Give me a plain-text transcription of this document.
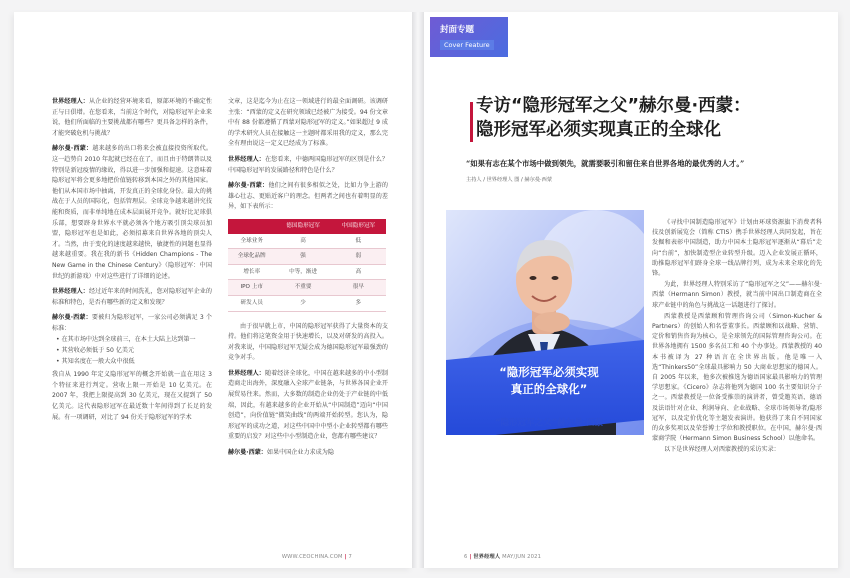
世界经理人：从企业的经营环境来看，原部环境的不确定性正与日俱增。在您看来，当前这个时代，对隐形冠军企业来说，他们所面临的主要挑战都有哪些？更具备怎样的条件，才能突破危机与挑战？

赫尔曼·西蒙：越来越多的出口将来会被直接投资所取代。这一趋势自 2010 年起就已经在在了，而且由于特朗普以及特别是新冠疫情的缘故，得以进一步加强和提速。这意味着隐形冠军将会更多地把价值链转移到本国之外的其他国家。他们从本国市场中抽离，开发真正的全球化身份。最大的挑战在于人员的国际化，包括管理层。全球竞争越来越讲究技能和资质，而非单纯地在成本层面展开竞争。就好比足球俱乐部，想要跻身世界水平就必须各个地方吸引顶尖球员加盟，隐形冠军也是如此，必须招募来自世界各地的顶尖人才。当然，由于变化的速度越来越快，敏捷性的问题也显得越来越重要。我在我的新书《Hidden Champions - The New Game in the Chinese Century》（隐形冠军：中国世纪的新游戏）中对这些进行了详细的论述。

世界经理人：经过近年来的时间洗礼，您对隐形冠军企业的标准和特色，是否有哪些新的定义和发现？

赫尔曼·西蒙：要被归为隐形冠军，一家公司必须满足 3 个标准：

• 在其市场中达到全球前三，在本土大陆上达到第一
• 其营收必须低于 50 亿美元
• 其知名度在一般大众中很低

我自从 1990 年定义隐形冠军的概念开始就一直在用这 3 个特征来进行判定。营收上限一开始是 10 亿美元。在 2007 年，我把上限提高到 30 亿美元，现在又提到了 50 亿美元。这代表隐形冠军在最近数十年间得到了长足的发展。有一项调研，对比了 94 份关于隐形冠军的学术

文章，这是迄今为止在这一领域进行的最全面调研。该调研主张：“西蒙的定义在研究领域已经被广为接受。94 份文章中有 88 份都遵循了西蒙对隐形冠军的定义。”如果超过 9 成的学术研究人员在接触这一主题时都采用我的定义，那么完全有理由说这一定义已经成为了标准。

世界经理人：在您看来，中德两国隐形冠军的区别是什么？中国隐形冠军的发展路径和特色是什么？

赫尔曼·西蒙：他们之间有很多相似之处，比如力争上游的雄心壮志、更贴近客户的理念。但两者之间也有着明显的差异，如下表所示：

	德国隐形冠军	中国隐形冠军
全球业务	高	低
全球化品牌	强	弱
增长率	中等，渐进	高
IPO 上市	不重要	很早
研发人员	少	多

由于很早就上市，中国的隐形冠军获得了大量资本的支持。他们将这笔资金用于快速增长，以及对研发的高投入。对我来说，中国隐形冠军无疑会成为德国隐形冠军最强劲的竞争对手。

世界经理人：随着经济全球化，中国在越来越多的中小型制造商走出海外，深度融入全球产业链条，与世界各国企业开展贸易往来。然而，大多数的制造企业仍处于产业链的中低端，因此，有越来越多的企业开始从“中国制造”迈向“中国创造”，向价值链“微笑曲线”的两端开始转型。您认为，隐形冠军的成功之道，对这些中国中中型小企业转型都有哪些重要的启发？对这些中小型制造企业，您都有哪些建议？

赫尔曼·西蒙：如果中国企业力求成为隐

WWW.CEOCHINA.COM | 7
封面专题
Cover Feature
专访“隐形冠军之父”赫尔曼·西蒙：
隐形冠军必须实现真正的全球化
“如果有志在某个市场中做到领先，就需要吸引和留住来自世界各地的最优秀的人才。”
主持人 / 世界经理人 图 / 赫尔曼·西蒙
“隐形冠军必须实现
真正的全球化”
“隐形冠军之父”赫尔曼·西蒙

《寻找中国制造隐形冠军》计划由环球资源旗下消费者科技及创新展览会（简称 CTIS）携手世界经理人共同发起，旨在发掘和表彰中国制造，助力中国本土隐形冠军逐渐从“幕后”走向“台前”，加快制造型企业转型升级。迈入企业发展正循环，助推隐形冠军们跻身全球一线品牌行列，成为未来全球化的先锋。

为此，世界经理人特别采访了“隐形冠军之父”——赫尔曼·西蒙（Hermann Simon）教授，就当前中国出口制造商在全球产业链中的角色与挑战这一话题进行了探讨。

西蒙教授是西蒙顾和管理咨询公司（Simon-Kucher & Partners）的创始人和名誉董事长。西蒙顾和以战略、营销、定价和销售咨询为核心，是全球领先的国际管理咨询公司。在世界各地拥有 1500 多名员工和 40 个办事处。西蒙教授的 40 本书被译为 27 种语言在全世界出版。他是唯一入选“Thinkers50”全球最具影响力 50 大商业思想家的德国人。自 2005 年以来，他多次被推选为德语国家最具影响力的管理学思想家。《Cicero》杂志将他列为德国 100 名主要知识分子之一。西蒙教授是一位备受推崇的演讲者，曾受邀英语、德语及法语针对企业、利润导向、企业战略、全球市场领导者/隐形冠军，以及定价优化等主题发表演讲。他获得了来自不同国家的众多奖项以及荣誉博士学位和教授职位。在中国，赫尔曼·西蒙商学院（Hermann Simon Business School）以他命名。

以下是世界经理人对西蒙教授的采访实录：

6 | 世界经理人 MAY/JUN 2021
